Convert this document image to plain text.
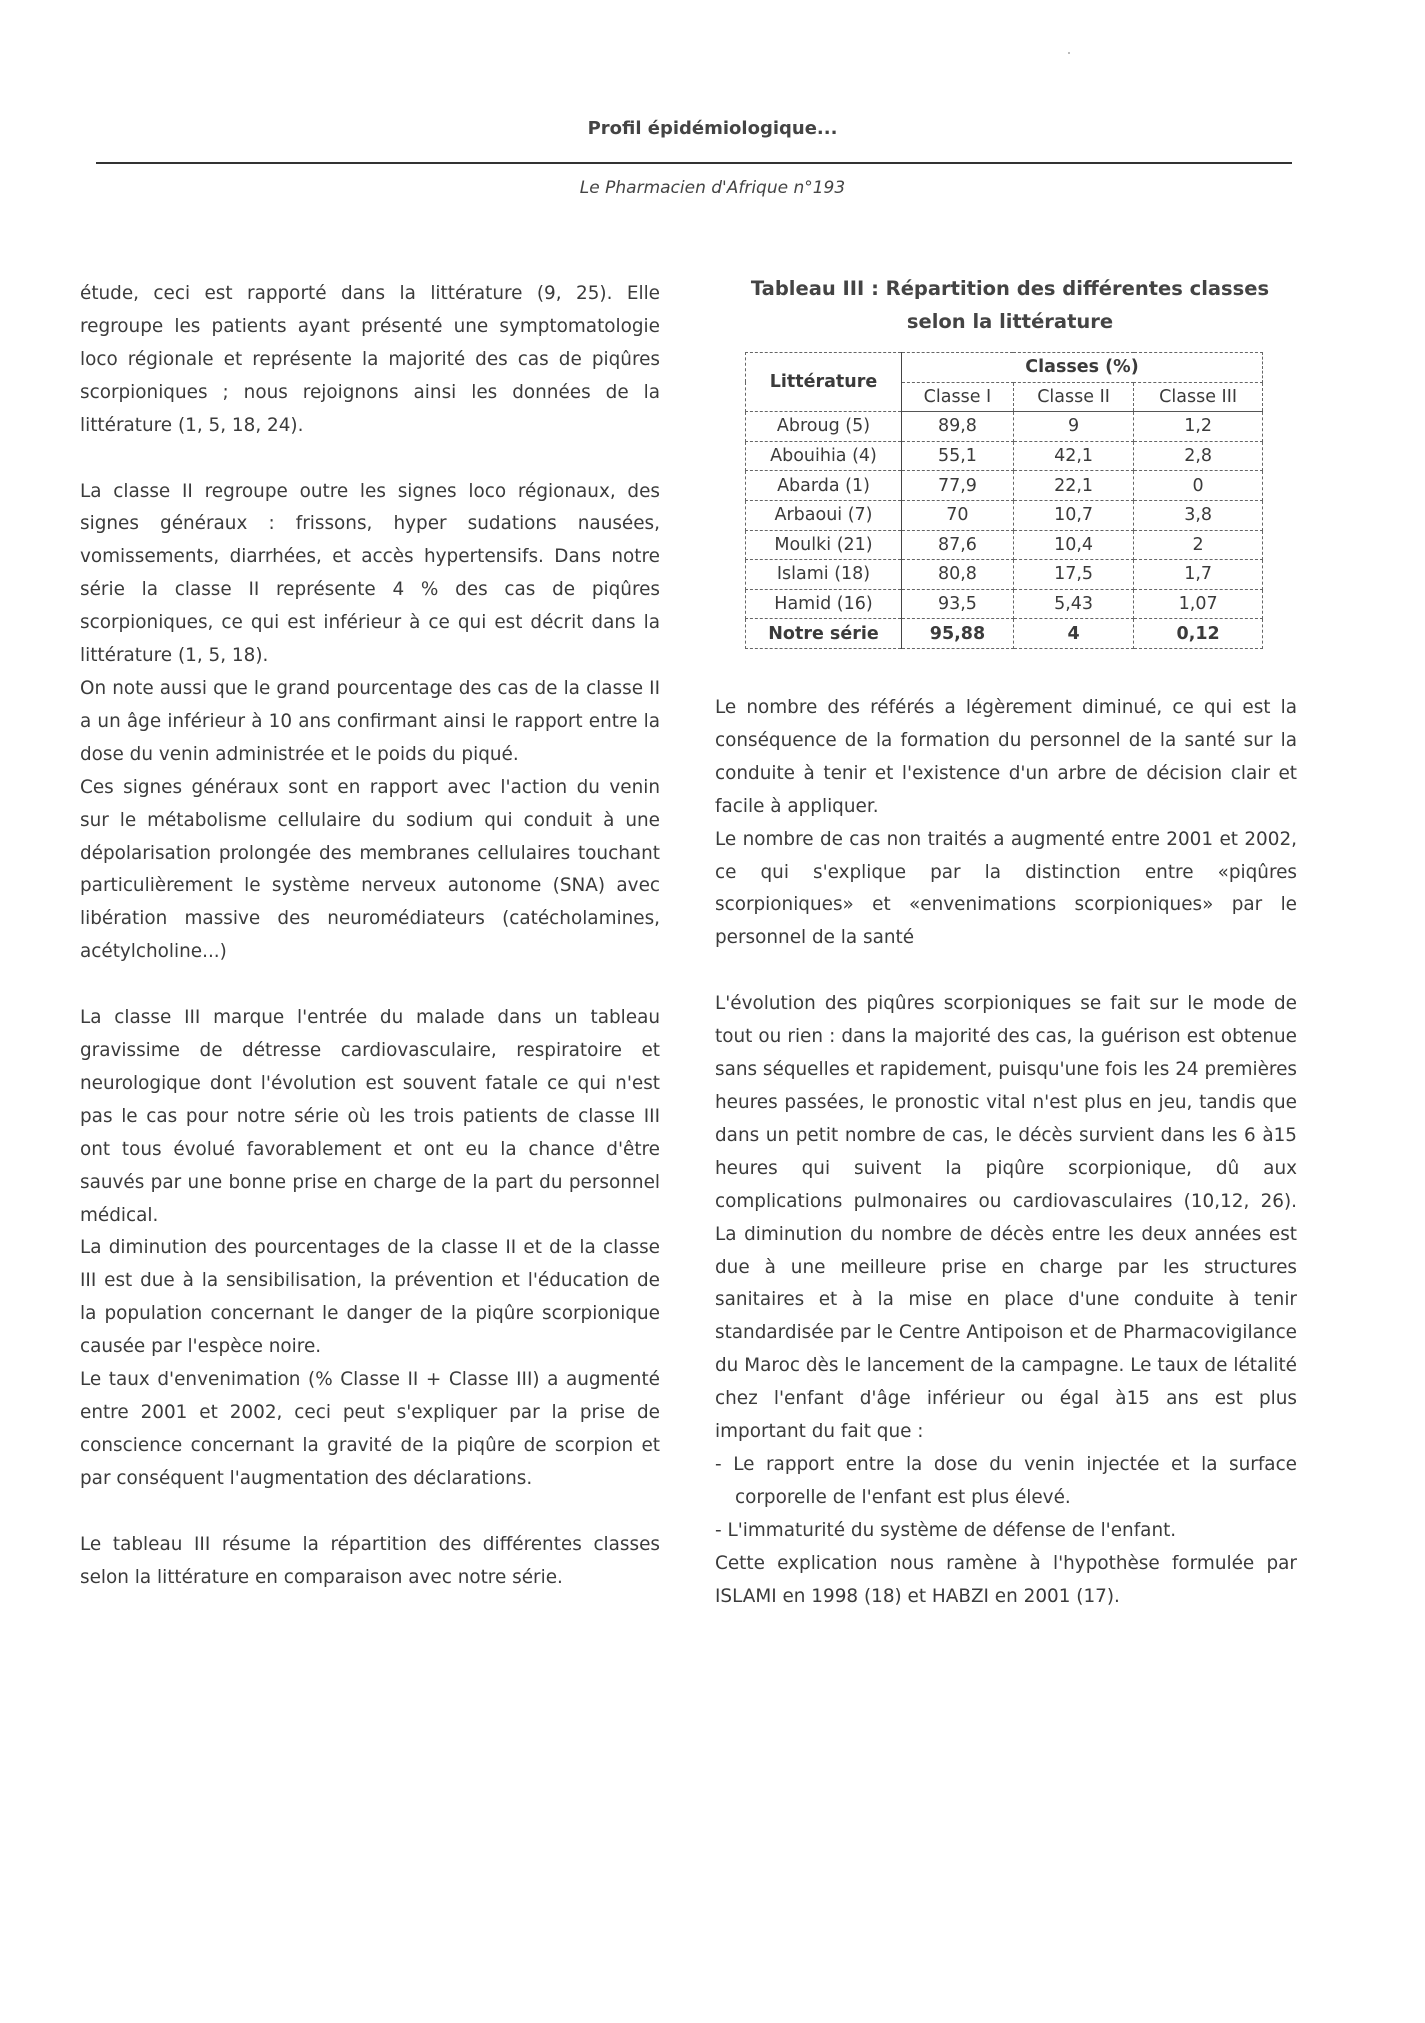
Profil épidémiologique...
Le Pharmacien d'Afrique n°193

étude, ceci est rapporté dans la littérature (9, 25). Elle regroupe les patients ayant présenté une symptomatologie loco régionale et représente la majorité des cas de piqûres scorpioniques ; nous rejoignons ainsi les données de la littérature (1, 5, 18, 24).

La classe II regroupe outre les signes loco régionaux, des signes généraux : frissons, hyper sudations nausées, vomissements, diarrhées, et accès hypertensifs. Dans notre série la classe II représente 4 % des cas de piqûres scorpioniques, ce qui est inférieur à ce qui est décrit dans la littérature (1, 5, 18).

On note aussi que le grand pourcentage des cas de la classe II a un âge inférieur à 10 ans confirmant ainsi le rapport entre la dose du venin administrée et le poids du piqué.

Ces signes généraux sont en rapport avec l'action du venin sur le métabolisme cellulaire du sodium qui conduit à une dépolarisation prolongée des membranes cellulaires touchant particulièrement le système nerveux autonome (SNA) avec libération massive des neuromédiateurs (catécholamines, acétylcholine...)

La classe III marque l'entrée du malade dans un tableau gravissime de détresse cardiovasculaire, respiratoire et neurologique dont l'évolution est souvent fatale ce qui n'est pas le cas pour notre série où les trois patients de classe III ont tous évolué favorablement et ont eu la chance d'être sauvés par une bonne prise en charge de la part du personnel médical.

La diminution des pourcentages de la classe II et de la classe III est due à la sensibilisation, la prévention et l'éducation de la population concernant le danger de la piqûre scorpionique causée par l'espèce noire.

Le taux d'envenimation (% Classe II + Classe III) a augmenté entre 2001 et 2002, ceci peut s'expliquer par la prise de conscience concernant la gravité de la piqûre de scorpion et par conséquent l'augmentation des déclarations.

Le tableau III résume la répartition des différentes classes selon la littérature en comparaison avec notre série.

Tableau III : Répartition des différentes classes selon la littérature
Littérature	Classes (%)		
	Classe I	Classe II	Classe III
Abroug (5)	89,8	9	1,2
Abouihia (4)	55,1	42,1	2,8
Abarda (1)	77,9	22,1	0
Arbaoui (7)	70	10,7	3,8
Moulki (21)	87,6	10,4	2
Islami (18)	80,8	17,5	1,7
Hamid (16)	93,5	5,43	1,07
Notre série	95,88	4	0,12

Le nombre des référés a légèrement diminué, ce qui est la conséquence de la formation du personnel de la santé sur la conduite à tenir et l'existence d'un arbre de décision clair et facile à appliquer.

Le nombre de cas non traités a augmenté entre 2001 et 2002, ce qui s'explique par la distinction entre «piqûres scorpioniques» et «envenimations scorpioniques» par le personnel de la santé

L'évolution des piqûres scorpioniques se fait sur le mode de tout ou rien : dans la majorité des cas, la guérison est obtenue sans séquelles et rapidement, puisqu'une fois les 24 premières heures passées, le pronostic vital n'est plus en jeu, tandis que dans un petit nombre de cas, le décès survient dans les 6 à15 heures qui suivent la piqûre scorpionique, dû aux complications pulmonaires ou cardiovasculaires (10,12, 26). La diminution du nombre de décès entre les deux années est due à une meilleure prise en charge par les structures sanitaires et à la mise en place d'une conduite à tenir standardisée par le Centre Antipoison et de Pharmacovigilance du Maroc dès le lancement de la campagne. Le taux de létalité chez l'enfant d'âge inférieur ou égal à15 ans est plus important du fait que :

- Le rapport entre la dose du venin injectée et la surface corporelle de l'enfant est plus élevé.

- L'immaturité du système de défense de l'enfant.

Cette explication nous ramène à l'hypothèse formulée par ISLAMI en 1998 (18) et HABZI en 2001 (17).
